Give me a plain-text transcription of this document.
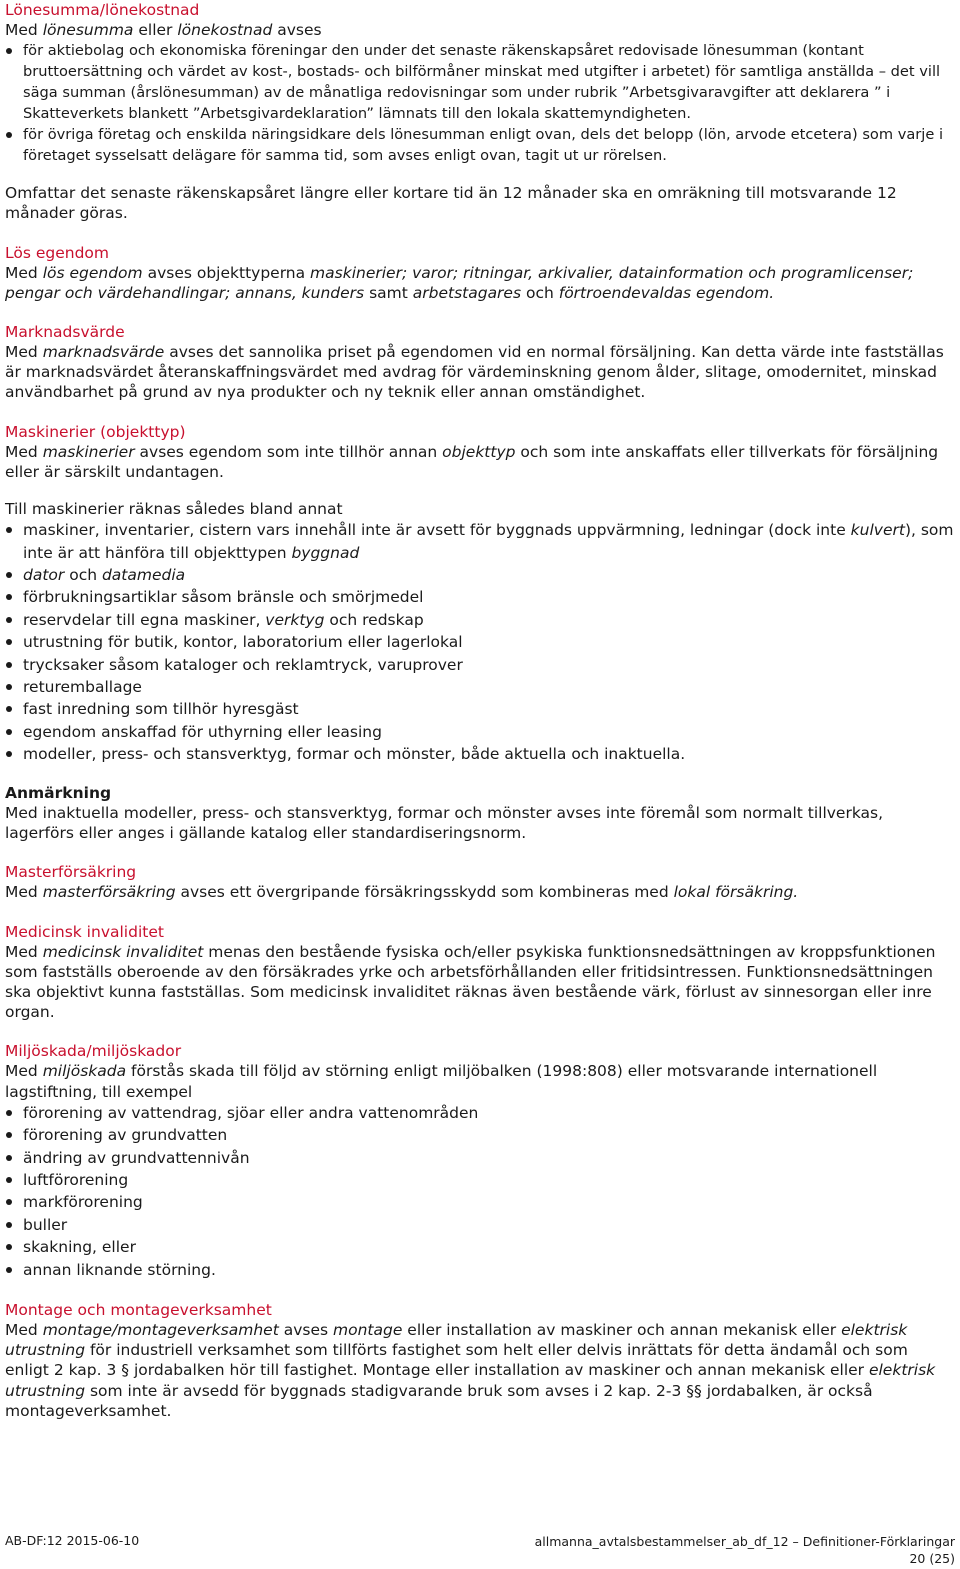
Lönesumma/lönekostnad

Med lönesumma eller lönekostnad avses

för aktiebolag och ekonomiska föreningar den under det senaste räkenskapsåret redovisade lönesumman (kontant bruttoersättning och värdet av kost-, bostads- och bilförmåner minskat med utgifter i arbetet) för samtliga anställda – det vill säga summan (årslönesumman) av de månatliga redovisningar som under rubrik ”Arbetsgivaravgifter att deklarera ” i Skatteverkets blankett ”Arbetsgivardeklaration” lämnats till den lokala skattemyndigheten.
för övriga företag och enskilda näringsidkare dels lönesumman enligt ovan, dels det belopp (lön, arvode etcetera) som varje i företaget sysselsatt delägare för samma tid, som avses enligt ovan, tagit ut ur rörelsen.

Omfattar det senaste räkenskapsåret längre eller kortare tid än 12 månader ska en omräkning till motsvarande 12 månader göras.

Lös egendom

Med lös egendom avses objekttyperna maskinerier; varor; ritningar, arkivalier, datainformation och programlicenser; pengar och värdehandlingar; annans, kunders samt arbetstagares och förtroendevaldas egendom.

Marknadsvärde

Med marknadsvärde avses det sannolika priset på egendomen vid en normal försäljning. Kan detta värde inte fastställas är marknadsvärdet återanskaffningsvärdet med avdrag för värdeminskning genom ålder, slitage, omodernitet, minskad användbarhet på grund av nya produkter och ny teknik eller annan omständighet.

Maskinerier (objekttyp)

Med maskinerier avses egendom som inte tillhör annan objekttyp och som inte anskaffats eller tillverkats för försäljning eller är särskilt undantagen.

Till maskinerier räknas således bland annat

maskiner, inventarier, cistern vars innehåll inte är avsett för byggnads uppvärmning, ledningar (dock inte kulvert), som inte är att hänföra till objekttypen byggnad
dator och datamedia
förbrukningsartiklar såsom bränsle och smörjmedel
reservdelar till egna maskiner, verktyg och redskap
utrustning för butik, kontor, laboratorium eller lagerlokal
trycksaker såsom kataloger och reklamtryck, varuprover
returemballage
fast inredning som tillhör hyresgäst
egendom anskaffad för uthyrning eller leasing
modeller, press- och stansverktyg, formar och mönster, både aktuella och inaktuella.

Anmärkning

Med inaktuella modeller, press- och stansverktyg, formar och mönster avses inte föremål som normalt tillverkas, lagerförs eller anges i gällande katalog eller standardiseringsnorm.

Masterförsäkring

Med masterförsäkring avses ett övergripande försäkringsskydd som kombineras med lokal försäkring.

Medicinsk invaliditet

Med medicinsk invaliditet menas den bestående fysiska och/eller psykiska funktionsnedsättningen av kroppsfunktionen som fastställs oberoende av den försäkrades yrke och arbetsförhållanden eller fritidsintressen. Funktionsnedsättningen ska objektivt kunna fastställas. Som medicinsk invaliditet räknas även bestående värk, förlust av sinnesorgan eller inre organ.

Miljöskada/miljöskador

Med miljöskada förstås skada till följd av störning enligt miljöbalken (1998:808) eller motsvarande internationell lagstiftning, till exempel

förorening av vattendrag, sjöar eller andra vattenområden
förorening av grundvatten
ändring av grundvattennivån
luftförorening
markförorening
buller
skakning, eller
annan liknande störning.

Montage och montageverksamhet

Med montage/montageverksamhet avses montage eller installation av maskiner och annan mekanisk eller elektrisk utrustning för industriell verksamhet som tillförts fastighet som helt eller delvis inrättats för detta ändamål och som enligt 2 kap. 3 § jordabalken hör till fastighet. Montage eller installation av maskiner och annan mekanisk eller elektrisk utrustning som inte är avsedd för byggnads stadigvarande bruk som avses i 2 kap. 2-3 §§ jordabalken, är också montageverksamhet.

AB-DF:12 2015-06-10	allmanna_avtalsbestammelser_ab_df_12 – Definitioner-Förklaringar
20 (25)
